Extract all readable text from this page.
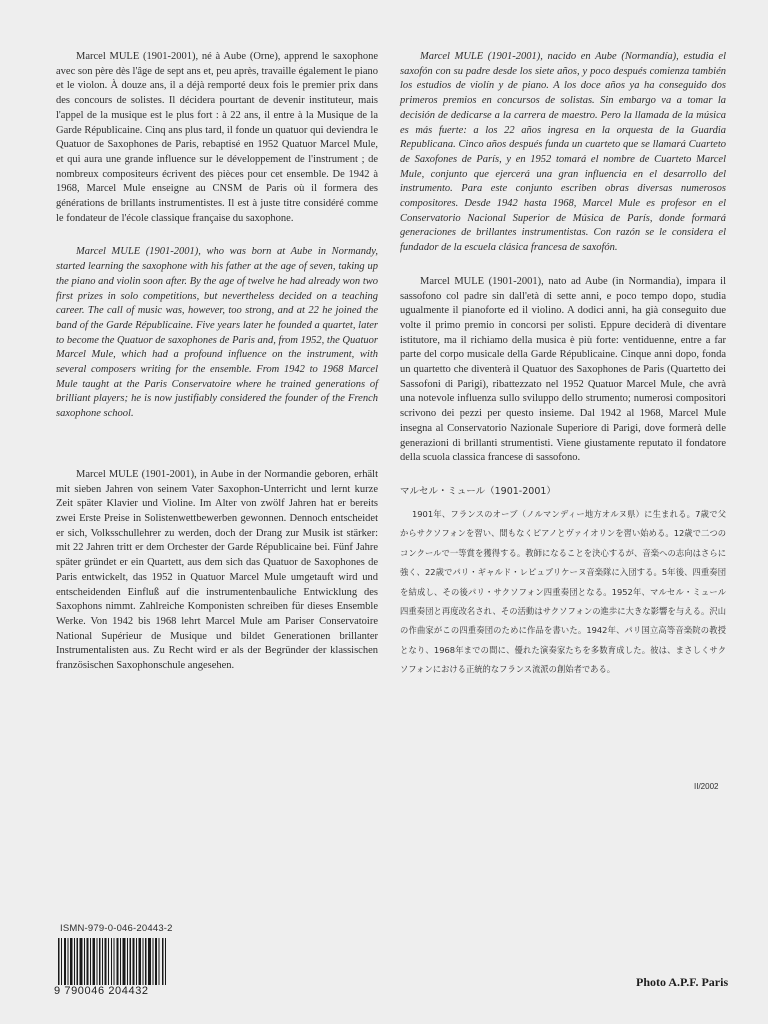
Marcel MULE (1901-2001), né à Aube (Orne), apprend le saxophone avec son père dès l'âge de sept ans et, peu après, travaille également le piano et le violon. À douze ans, il a déjà remporté deux fois le premier prix dans des concours de solistes. Il décidera pourtant de devenir instituteur, mais l'appel de la musique est le plus fort : à 22 ans, il entre à la Musique de la Garde Républicaine. Cinq ans plus tard, il fonde un quatuor qui deviendra le Quatuor de Saxophones de Paris, rebaptisé en 1952 Quatuor Marcel Mule, et qui aura une grande influence sur le développement de l'instrument ; de nombreux compositeurs écrivent des pièces pour cet ensemble. De 1942 à 1968, Marcel Mule enseigne au CNSM de Paris où il formera des générations de brillants instrumentistes. Il est à juste titre considéré comme le fondateur de l'école classique française du saxophone.

Marcel MULE (1901-2001), who was born at Aube in Normandy, started learning the saxophone with his father at the age of seven, taking up the piano and violin soon after. By the age of twelve he had already won two first prizes in solo competitions, but nevertheless decided on a teaching career. The call of music was, however, too strong, and at 22 he joined the band of the Garde Républicaine. Five years later he founded a quartet, later to become the Quatuor de saxophones de Paris and, from 1952, the Quatuor Marcel Mule, which had a profound influence on the instrument, with several composers writing for the ensemble. From 1942 to 1968 Marcel Mule taught at the Paris Conservatoire where he trained generations of brilliant players; he is now justifiably considered the founder of the French saxophone school.

Marcel MULE (1901-2001), in Aube in der Normandie geboren, erhält mit sieben Jahren von seinem Vater Saxophon-Unterricht und lernt kurze Zeit später Klavier und Violine. Im Alter von zwölf Jahren hat er bereits zwei Erste Preise in Solistenwettbewerben gewonnen. Dennoch entscheidet er sich, Volksschullehrer zu werden, doch der Drang zur Musik ist stärker: mit 22 Jahren tritt er dem Orchester der Garde Républicaine bei. Fünf Jahre später gründet er ein Quartett, aus dem sich das Quatuor de Saxophones de Paris entwickelt, das 1952 in Quatuor Marcel Mule umgetauft wird und entscheidenden Einfluß auf die instrumentenbauliche Entwicklung des Saxophons nimmt. Zahlreiche Komponisten schreiben für dieses Ensemble Werke. Von 1942 bis 1968 lehrt Marcel Mule am Pariser Conservatoire National Supérieur de Musique und bildet Generationen brillanter Instrumentalisten aus. Zu Recht wird er als der Begründer der klassischen französischen Saxophonschule angesehen.

Marcel MULE (1901-2001), nacido en Aube (Normandía), estudia el saxofón con su padre desde los siete años, y poco después comienza también los estudios de violín y de piano. A los doce años ya ha conseguido dos primeros premios en concursos de solistas. Sin embargo va a tomar la decisión de dedicarse a la carrera de maestro. Pero la llamada de la música es más fuerte: a los 22 años ingresa en la orquesta de la Guardia Republicana. Cinco años después funda un cuarteto que se llamará Cuarteto de Saxofones de París, y en 1952 tomará el nombre de Cuarteto Marcel Mule, conjunto que ejercerá una gran influencia en el desarrollo del instrumento. Para este conjunto escriben obras diversas numerosos compositores. Desde 1942 hasta 1968, Marcel Mule es profesor en el Conservatorio Nacional Superior de Música de París, donde formará generaciones de brillantes instrumentistas. Con razón se le considera el fundador de la escuela clásica francesa de saxofón.

Marcel MULE (1901-2001), nato ad Aube (in Normandia), impara il sassofono col padre sin dall'età di sette anni, e poco tempo dopo, studia ugualmente il pianoforte ed il violino. A dodici anni, ha già conseguito due volte il primo premio in concorsi per solisti. Eppure deciderà di diventare istitutore, ma il richiamo della musica è più forte: ventiduenne, entre a far parte del corpo musicale della Garde Républicaine. Cinque anni dopo, fonda un quartetto che diventerà il Quatuor des Saxophones de Paris (Quartetto dei Sassofoni di Parigi), ribattezzato nel 1952 Quatuor Marcel Mule, che avrà una notevole influenza sullo sviluppo dello strumento; numerosi compositori scrivono dei pezzi per questo insieme. Dal 1942 al 1968, Marcel Mule insegna al Conservatorio Nazionale Superiore di Parigi, dove formerà delle generazioni di brillanti strumentisti. Viene giustamente reputato il fondatore della scuola classica francese di sassofono.

マルセル・ミュール（1901-2001）

1901年、フランスのオーブ（ノルマンディー地方オルヌ県）に生まれる。7歳で父からサクソフォンを習い、間もなくピアノとヴァイオリンを習い始める。12歳で二つのコンクールで一等賞を獲得する。教師になることを決心するが、音楽への志向はさらに強く、22歳でパリ・ギャルド・レピュブリケーヌ音楽隊に入団する。5年後、四重奏団を結成し、その後パリ・サクソフォン四重奏団となる。1952年、マルセル・ミュール四重奏団と再度改名され、その活動はサクソフォンの進歩に大きな影響を与える。沢山の作曲家がこの四重奏団のために作品を書いた。1942年、パリ国立高等音楽院の教授となり、1968年までの間に、優れた演奏家たちを多数育成した。彼は、まさしくサクソフォンにおける正統的なフランス流派の創始者である。

II/2002
ISMN-979-0-046-20443-2
9 790046 204432
Photo A.P.F. Paris
